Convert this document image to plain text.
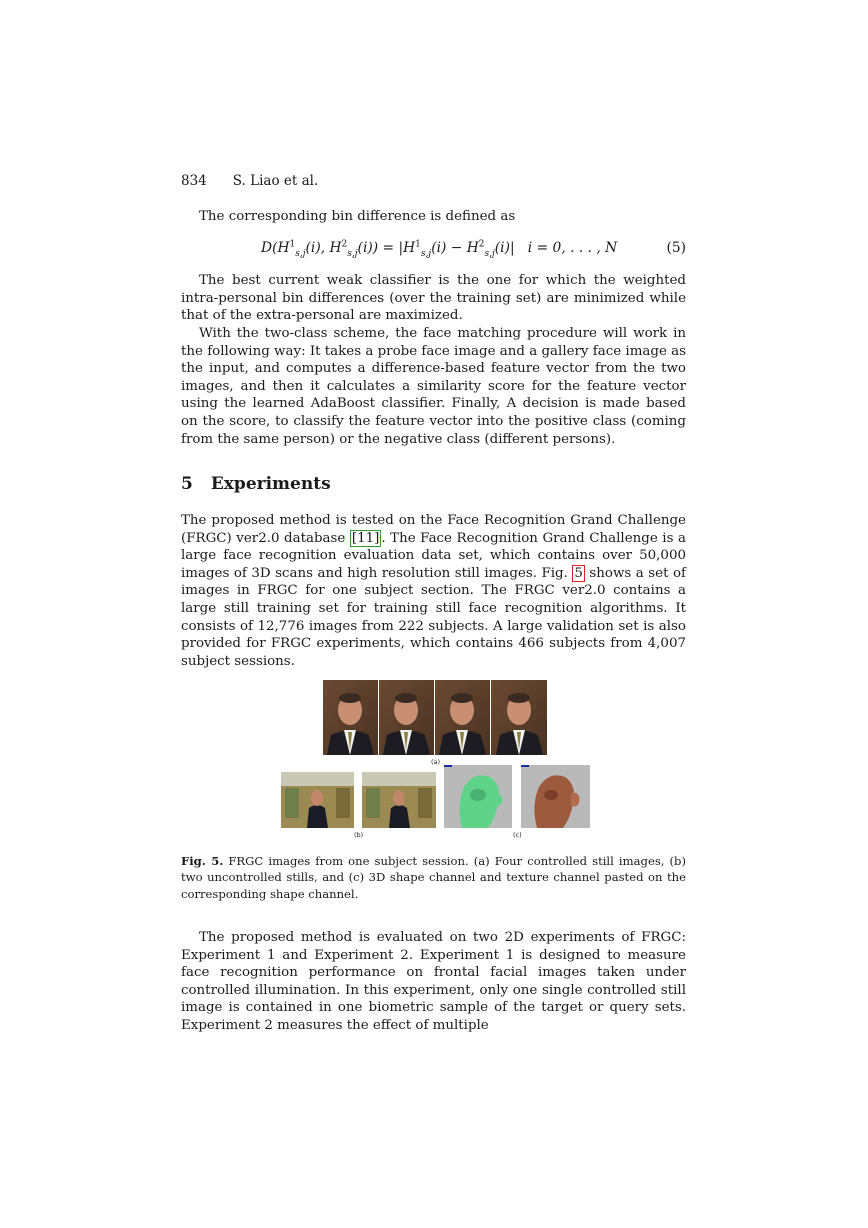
834 S. Liao et al.

The corresponding bin difference is defined as

$D(H^1_{s,j}(i)$, $H^2_{s,j}(i)) = |H^1_{s,j}(i) - H^2_{s,j}(i)|$   i = 0, . . . , N	(5)

The best current weak classifier is the one for which the weighted intra-personal bin differences (over the training set) are minimized while that of the extra-personal are maximized.

With the two-class scheme, the face matching procedure will work in the following way: It takes a probe face image and a gallery face image as the input, and computes a difference-based feature vector from the two images, and then it calculates a similarity score for the feature vector using the learned AdaBoost classifier. Finally, A decision is made based on the score, to classify the feature vector into the positive class (coming from the same person) or the negative class (different persons).

5 Experiments

The proposed method is tested on the Face Recognition Grand Challenge (FRGC) ver2.0 database [11] . The Face Recognition Grand Challenge is a large face recognition evaluation data set, which contains over 50,000 images of 3D scans and high resolution still images. Fig. 5 shows a set of images in FRGC for one subject section. The FRGC ver2.0 contains a large still training set for training still face recognition algorithms. It consists of 12,776 images from 222 subjects. A large validation set is also provided for FRGC experiments, which contains 466 subjects from 4,007 subject sessions.

(a)
(b)	(c)
Fig. 5. FRGC images from one subject session. (a) Four controlled still images, (b) two uncontrolled stills, and (c) 3D shape channel and texture channel pasted on the corresponding shape channel.

The proposed method is evaluated on two 2D experiments of FRGC: Experiment 1 and Experiment 2. Experiment 1 is designed to measure face recognition performance on frontal facial images taken under controlled illumination. In this experiment, only one single controlled still image is contained in one biometric sample of the target or query sets. Experiment 2 measures the effect of multiple
